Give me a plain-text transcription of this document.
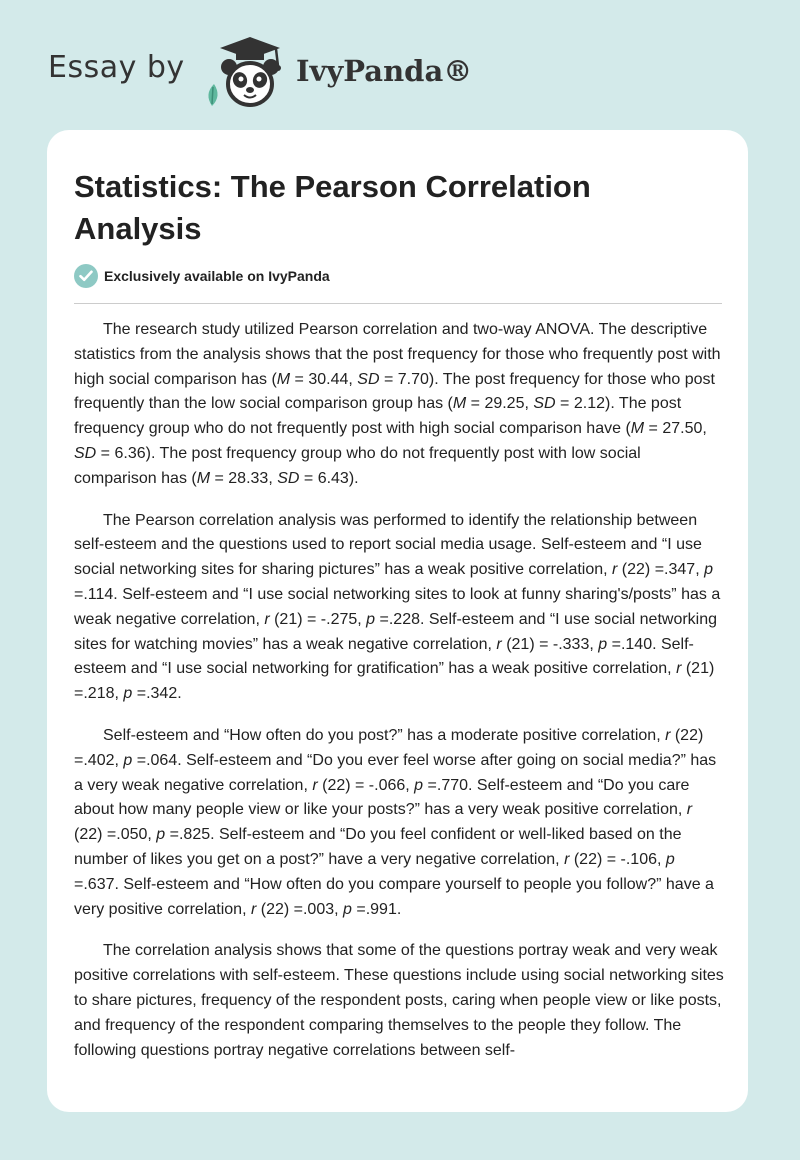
Essay by	IvyPanda®
Statistics: The Pearson Correlation Analysis
Exclusively available on IvyPanda

The research study utilized Pearson correlation and two-way ANOVA. The descriptive statistics from the analysis shows that the post frequency for those who frequently post with high social comparison has (M = 30.44, SD = 7.70). The post frequency for those who post frequently than the low social comparison group has (M = 29.25, SD = 2.12). The post frequency group who do not frequently post with high social comparison have (M = 27.50, SD = 6.36). The post frequency group who do not frequently post with low social comparison has (M = 28.33, SD = 6.43).

The Pearson correlation analysis was performed to identify the relationship between self-esteem and the questions used to report social media usage. Self-esteem and “I use social networking sites for sharing pictures” has a weak positive correlation, r (22) =.347, p =.114. Self-esteem and “I use social networking sites to look at funny sharing's/posts” has a weak negative correlation, r (21) = -.275, p =.228. Self-esteem and “I use social networking sites for watching movies” has a weak negative correlation, r (21) = -.333, p =.140. Self-esteem and “I use social networking for gratification” has a weak positive correlation, r (21) =.218, p =.342.

Self-esteem and “How often do you post?” has a moderate positive correlation, r (22) =.402, p =.064. Self-esteem and “Do you ever feel worse after going on social media?” has a very weak negative correlation, r (22) = -.066, p =.770. Self-esteem and “Do you care about how many people view or like your posts?” has a very weak positive correlation, r (22) =.050, p =.825. Self-esteem and “Do you feel confident or well-liked based on the number of likes you get on a post?” have a very negative correlation, r (22) = -.106, p =.637. Self-esteem and “How often do you compare yourself to people you follow?” have a very positive correlation, r (22) =.003, p =.991.

The correlation analysis shows that some of the questions portray weak and very weak positive correlations with self-esteem. These questions include using social networking sites to share pictures, frequency of the respondent posts, caring when people view or like posts, and frequency of the respondent comparing themselves to the people they follow. The following questions portray negative correlations between self-
